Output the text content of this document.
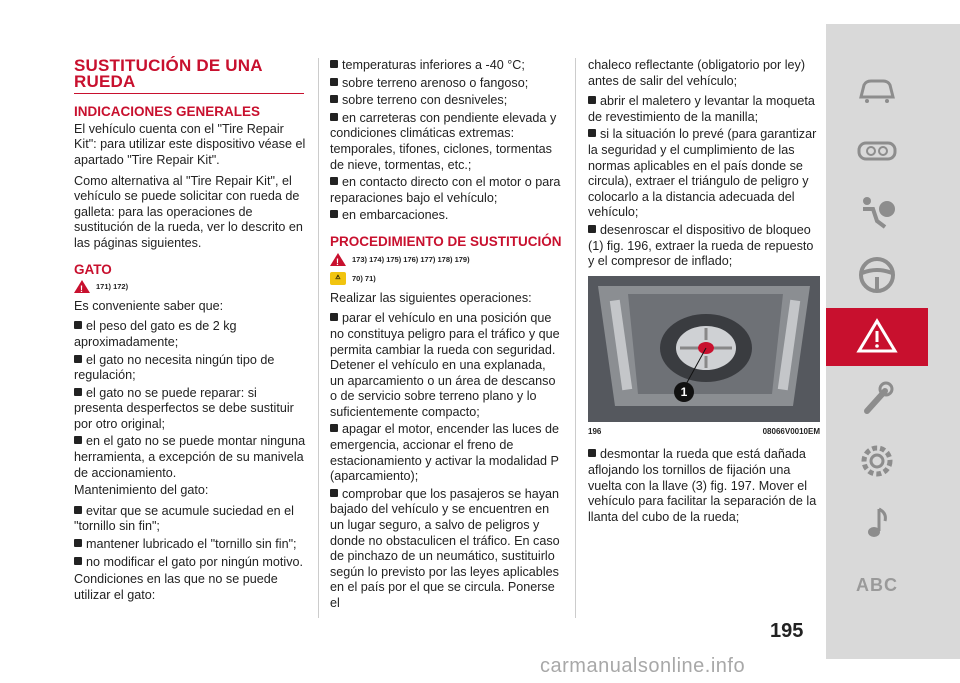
SUSTITUCIÓN DE UNA RUEDA
INDICACIONES GENERALES

El vehículo cuenta con el "Tire Repair Kit": para utilizar este dispositivo véase el apartado "Tire Repair Kit".

Como alternativa al "Tire Repair Kit", el vehículo se puede solicitar con rueda de galleta: para las operaciones de sustitución de la rueda, ver lo descrito en las páginas siguientes.

GATO
!
171) 172)

Es conveniente saber que:

el peso del gato es de 2 kg aproximadamente;
el gato no necesita ningún tipo de regulación;
el gato no se puede reparar: si presenta desperfectos se debe sustituir por otro original;
en el gato no se puede montar ninguna herramienta, a excepción de su manivela de accionamiento.

Mantenimiento del gato:

evitar que se acumule suciedad en el "tornillo sin fin";
mantener lubricado el "tornillo sin fin";
no modificar el gato por ningún motivo.

Condiciones en las que no se puede utilizar el gato:

temperaturas inferiores a -40 °C;
sobre terreno arenoso o fangoso;
sobre terreno con desniveles;
en carreteras con pendiente elevada y condiciones climáticas extremas: temporales, tifones, ciclones, tormentas de nieve, tormentas, etc.;
en contacto directo con el motor o para reparaciones bajo el vehículo;
en embarcaciones.
PROCEDIMIENTO DE SUSTITUCIÓN
!
173) 174) 175) 176) 177) 178) 179)
⚠	70) 71)

Realizar las siguientes operaciones:

parar el vehículo en una posición que no constituya peligro para el tráfico y que permita cambiar la rueda con seguridad. Detener el vehículo en una explanada, un aparcamiento o un área de descanso o de servicio sobre terreno plano y lo suficientemente compacto;
apagar el motor, encender las luces de emergencia, accionar el freno de estacionamiento y activar la modalidad P (aparcamiento);
comprobar que los pasajeros se hayan bajado del vehículo y se encuentren en un lugar seguro, a salvo de peligros y donde no obstaculicen el tráfico. En caso de pinchazo de un neumático, sustituirlo según lo previsto por las leyes aplicables en el país por el que se circula. Ponerse el

chaleco reflectante (obligatorio por ley) antes de salir del vehículo;

abrir el maletero y levantar la moqueta de revestimiento de la manilla;
si la situación lo prevé (para garantizar la seguridad y el cumplimiento de las normas aplicables en el país donde se circula), extraer el triángulo de peligro y colocarlo a la distancia adecuada del vehículo;
desenroscar el dispositivo de bloqueo (1) fig. 196, extraer la rueda de repuesto y el compresor de inflado;
1
196	08066V0010EM
desmontar la rueda que está dañada aflojando los tornillos de fijación una vuelta con la llave (3) fig. 197. Mover el vehículo para facilitar la separación de la llanta del cubo de la rueda;
ABC
195
carmanualsonline.info
